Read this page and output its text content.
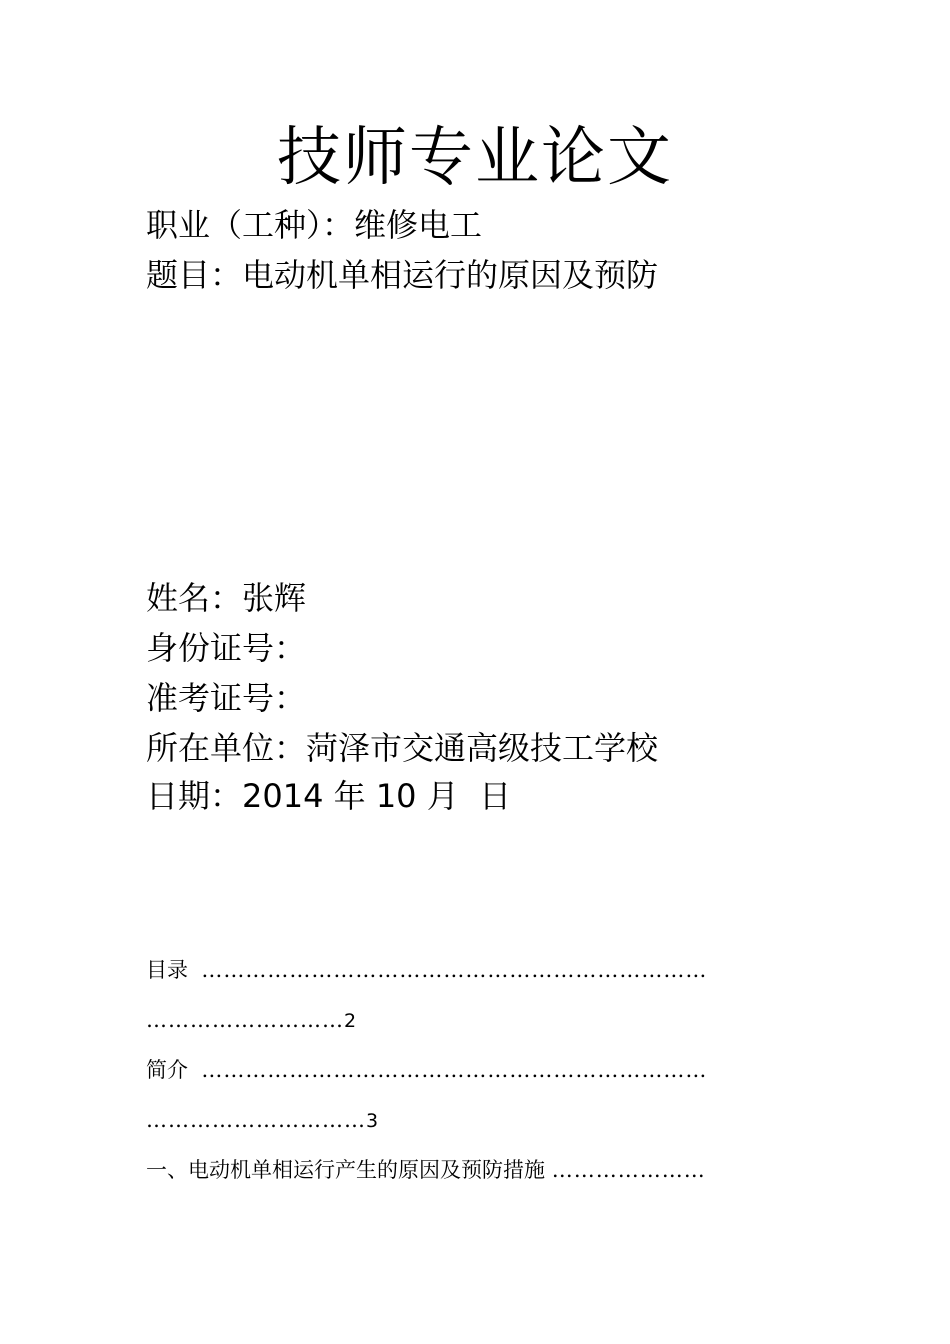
技师专业论文
职业（工种）：维修电工
题目：电动机单相运行的原因及预防
姓名：张辉
身份证号：
准考证号：
所在单位：菏泽市交通高级技工学校
日期：2014 年 10 月 日
目录 ……………………………………………………………
………………………2
简介 ……………………………………………………………
…………………………3
一、电动机单相运行产生的原因及预防措施 …………………
